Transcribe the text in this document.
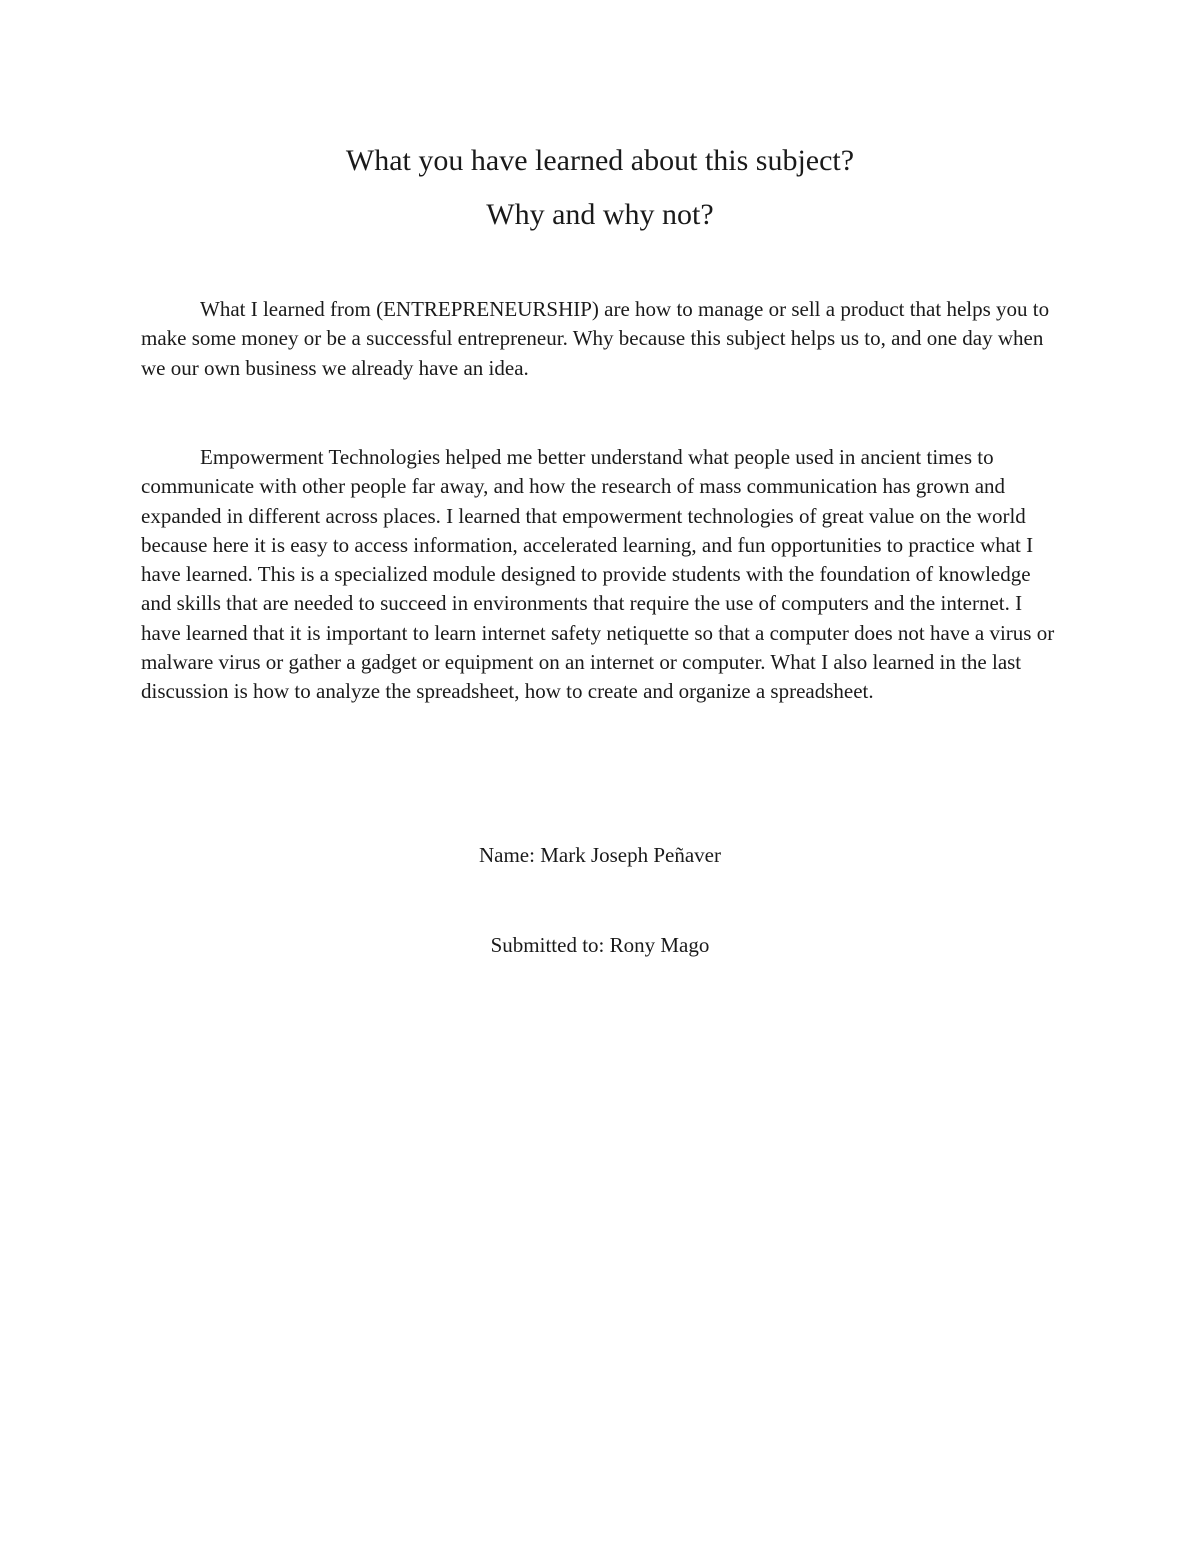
What you have learned about this subject?
Why and why not?

What I learned from (ENTREPRENEURSHIP) are how to manage or sell a product that helps you to make some money or be a successful entrepreneur. Why because this subject helps us to, and one day when we our own business we already have an idea.

Empowerment Technologies helped me better understand what people used in ancient times to communicate with other people far away, and how the research of mass communication has grown and expanded in different across places. I learned that empowerment technologies of great value on the world because here it is easy to access information, accelerated learning, and fun opportunities to practice what I have learned. This is a specialized module designed to provide students with the foundation of knowledge and skills that are needed to succeed in environments that require the use of computers and the internet. I have learned that it is important to learn internet safety netiquette so that a computer does not have a virus or malware virus or gather a gadget or equipment on an internet or computer. What I also learned in the last discussion is how to analyze the spreadsheet, how to create and organize a spreadsheet.

Name: Mark Joseph Peñaver

Submitted to: Rony Mago
